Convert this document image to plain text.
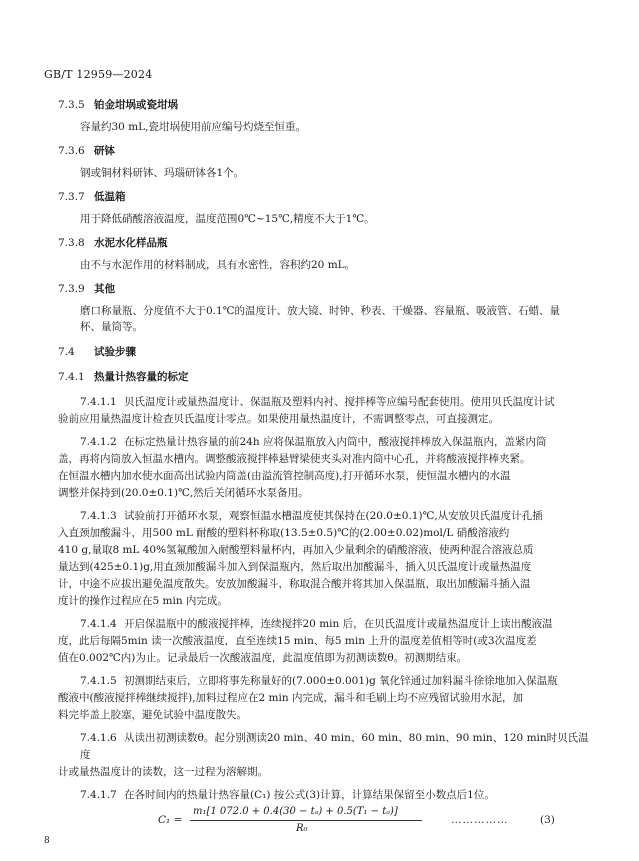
GB/T 12959—2024
7.3.5 铂金坩埚或瓷坩埚
容量约30 mL,瓷坩埚使用前应编号灼烧至恒重。
7.3.6 研钵
钢或铜材料研钵、玛瑙研钵各1个。
7.3.7 低温箱
用于降低硝酸溶液温度，温度范围0℃~15℃,精度不大于1℃。
7.3.8 水泥水化样品瓶
由不与水泥作用的材料制成，具有水密性，容积约20 mL。
7.3.9 其他
磨口称量瓶、分度值不大于0.1℃的温度计、放大镜、时钟、秒表、干燥器、容量瓶、吸液管、石蜡、量
杯、量筒等。
7.4 试验步骤
7.4.1 热量计热容量的标定
7.4.1.1 贝氏温度计或量热温度计、保温瓶及塑料内衬、搅拌棒等应编号配套使用。使用贝氏温度计试
验前应用量热温度计检查贝氏温度计零点。如果使用量热温度计，不需调整零点，可直接测定。
7.4.1.2 在标定热量计热容量的前24h 应将保温瓶放入内筒中，酸液搅拌棒放入保温瓶内，盖紧内筒
盖，再将内筒放入恒温水槽内。调整酸液搅拌棒悬臂梁使夹头对准内筒中心孔，并将酸液搅拌棒夹紧。
在恒温水槽内加水使水面高出试验内筒盖(由溢流管控制高度),打开循环水泵，使恒温水槽内的水温
调整并保持到(20.0±0.1)℃,然后关闭循环水泵备用。
7.4.1.3 试验前打开循环水泵，观察恒温水槽温度使其保持在(20.0±0.1)℃,从安放贝氏温度计孔插
入直颈加酸漏斗，用500 mL 耐酸的塑料杯称取(13.5±0.5)℃的(2.00±0.02)mol/L 硝酸溶液约
410 g,量取8 mL 40%氢氟酸加入耐酸塑料量杯内，再加入少量剩余的硝酸溶液，使两种混合溶液总质
量达到(425±0.1)g,用直颈加酸漏斗加入到保温瓶内，然后取出加酸漏斗，插入贝氏温度计或量热温度
计，中途不应拔出避免温度散失。安放加酸漏斗，称取混合酸并将其加入保温瓶，取出加酸漏斗插入温
度计的操作过程应在5 min 内完成。
7.4.1.4 开启保温瓶中的酸液搅拌棒，连续搅拌20 min 后，在贝氏温度计或量热温度计上读出酸液温
度，此后每隔5min 读一次酸液温度，直至连续15 min、每5 min 上升的温度差值相等时(或3次温度差
值在0.002℃内)为止。记录最后一次酸液温度，此温度值即为初测读数θ。初测期结束。
7.4.1.5 初测期结束后，立即将事先称量好的(7.000±0.001)g 氧化锌通过加料漏斗徐徐地加入保温瓶
酸液中(酸液搅拌棒继续搅拌),加料过程应在2 min 内完成，漏斗和毛刷上均不应残留试验用水泥，加
料完毕盖上胶塞，避免试验中温度散失。
7.4.1.6 从读出初测读数θ。起分别测读20 min、40 min、60 min、80 min、90 min、120 min时贝氏温度
计或量热温度计的读数，这一过程为溶解期。
7.4.1.7 在各时间内的热量计热容量(C₁) 按公式(3)计算，计算结果保留至小数点后1位。
C₁ =
m₁[1 072.0 + 0.4(30 − tₐ) + 0.5(T₁ − tₐ)]
R₀
……………	(3)
8
